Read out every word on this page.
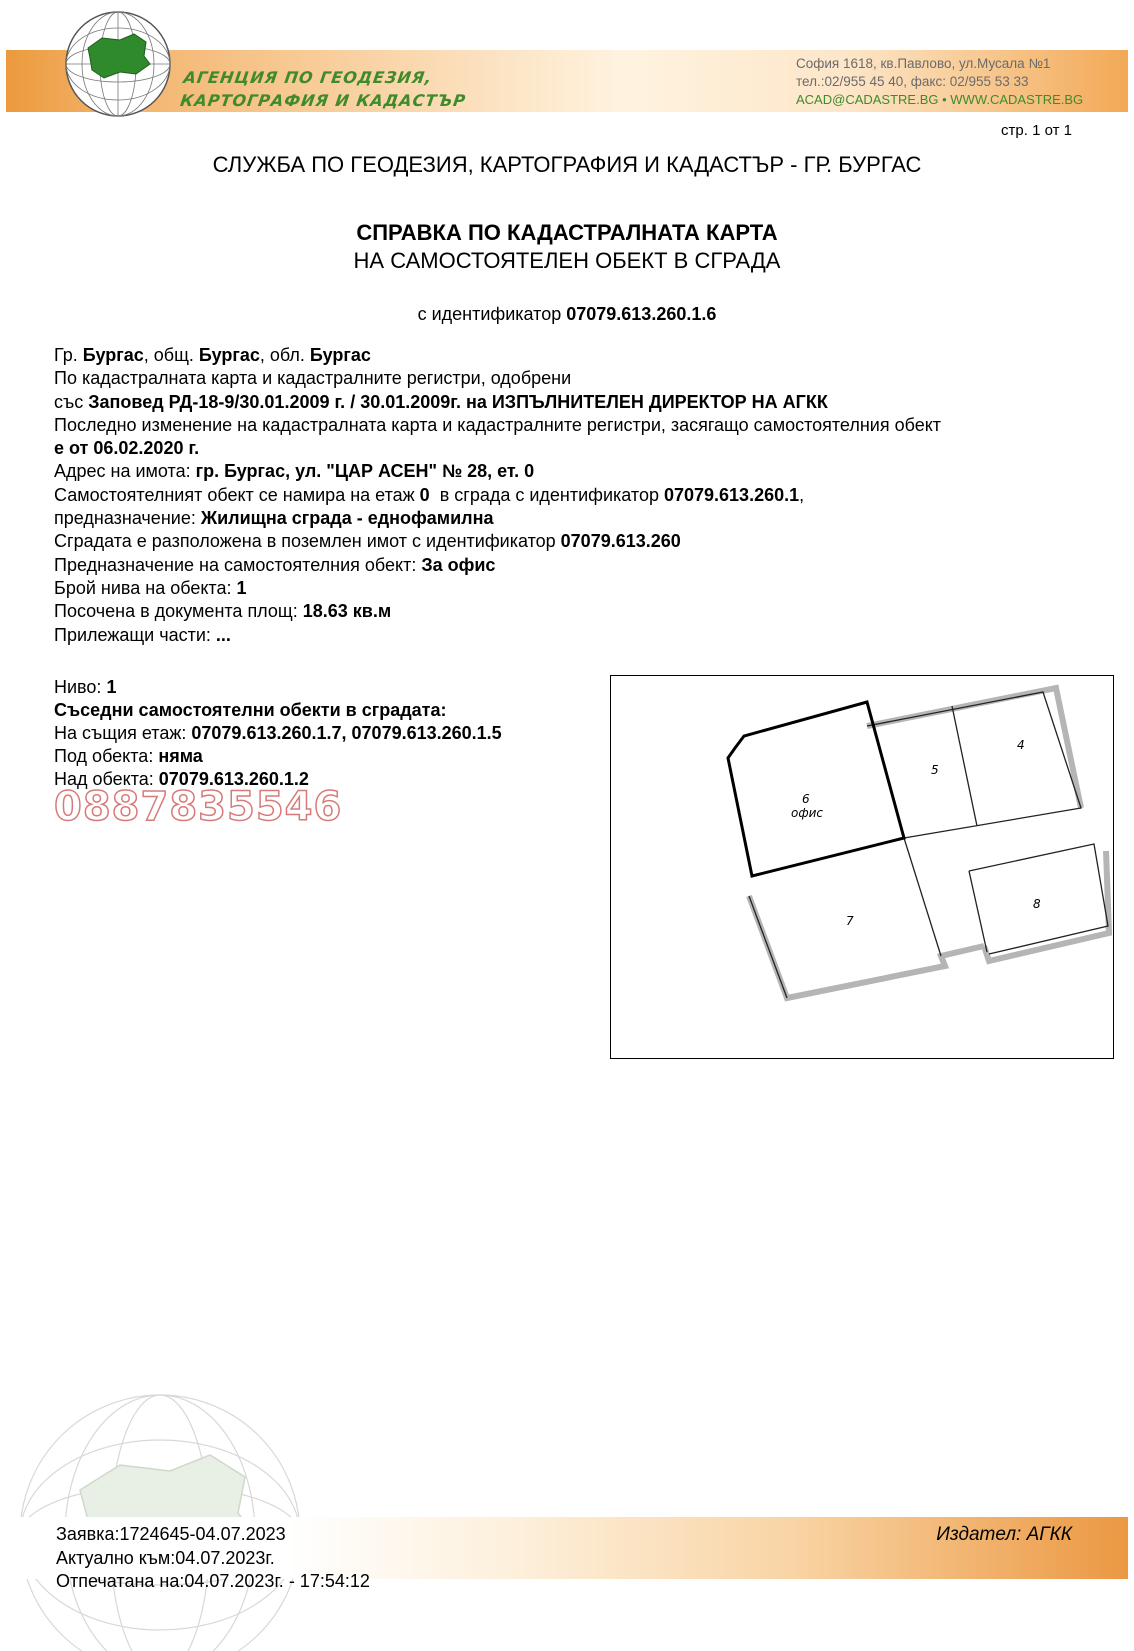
АГЕНЦИЯ ПО ГЕОДЕЗИЯ,
КАРТОГРАФИЯ И КАДАСТЪР
София 1618, кв.Павлово, ул.Мусала №1
тел.:02/955 45 40, факс: 02/955 53 33
ACAD@CADASTRE.BG • WWW.CADASTRE.BG
стр. 1 от 1
СЛУЖБА ПО ГЕОДЕЗИЯ, КАРТОГРАФИЯ И КАДАСТЪР - ГР. БУРГАС
СПРАВКА ПО КАДАСТРАЛНАТА КАРТА
НА САМОСТОЯТЕЛЕН ОБЕКТ В СГРАДА
с идентификатор 07079.613.260.1.6
Гр. Бургас, общ. Бургас, обл. Бургас
По кадастралната карта и кадастралните регистри, одобрени
със Заповед РД-18-9/30.01.2009 г. / 30.01.2009г. на ИЗПЪЛНИТЕЛЕН ДИРЕКТОР НА АГКК
Последно изменение на кадастралната карта и кадастралните регистри, засягащо самостоятелния обект
е от 06.02.2020 г.
Адрес на имота: гр. Бургас, ул. "ЦАР АСЕН" № 28, ет. 0
Самостоятелният обект се намира на етаж 0  в сграда с идентификатор 07079.613.260.1,
предназначение: Жилищна сграда - еднофамилна
Сградата е разположена в поземлен имот с идентификатор 07079.613.260
Предназначение на самостоятелния обект: За офис
Брой нива на обекта: 1
Посочена в документа площ: 18.63 кв.м
Прилежащи части: ...
Ниво: 1
Съседни самостоятелни обекти в сградата:
На същия етаж: 07079.613.260.1.7, 07079.613.260.1.5
Под обекта: няма
Над обекта: 07079.613.260.1.2
0887835546	6
офис
5
4
7
8
Заявка:1724645-04.07.2023
Актуално към:04.07.2023г.
Отпечатана на:04.07.2023г. - 17:54:12
Издател: АГКК
